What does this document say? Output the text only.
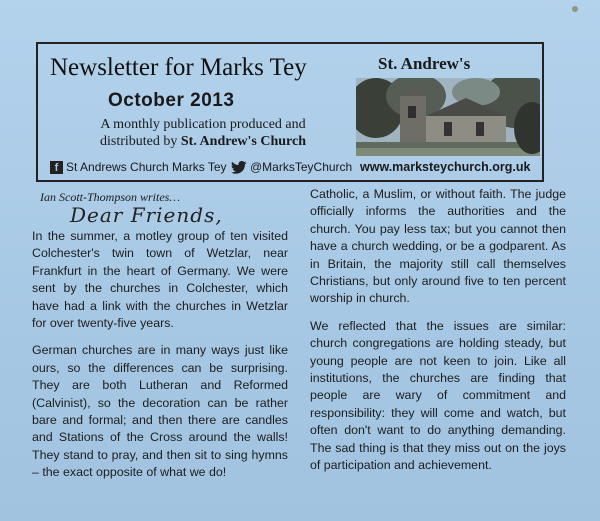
Newsletter for Marks Tey
October 2013
A monthly publication produced and
distributed by St. Andrew's Church
St. Andrew's
f St Andrews Church Marks Tey @MarksTeyChurch www.marksteychurch.org.uk
Ian Scott-Thompson writes…
Dear Friends,

In the summer, a motley group of ten visited Colchester's twin town of Wetzlar, near Frankfurt in the heart of Germany. We were sent by the churches in Colchester, which have had a link with the churches in Wetzlar for over twenty-five years.

German churches are in many ways just like ours, so the differences can be surprising. They are both Lutheran and Reformed (Calvinist), so the decoration can be rather bare and formal; and then there are candles and Stations of the Cross around the walls! They stand to pray, and then sit to sing hymns – the exact opposite of what we do!

Catholic, a Muslim, or without faith. The judge officially informs the authorities and the church. You pay less tax; but you cannot then have a church wedding, or be a godparent. As in Britain, the majority still call themselves Christians, but only around five to ten percent worship in church.

We reflected that the issues are similar: church congregations are holding steady, but young people are not keen to join. Like all institutions, the churches are finding that people are wary of commitment and responsibility: they will come and watch, but often don't want to do anything demanding. The sad thing is that they miss out on the joys of participation and achievement.
